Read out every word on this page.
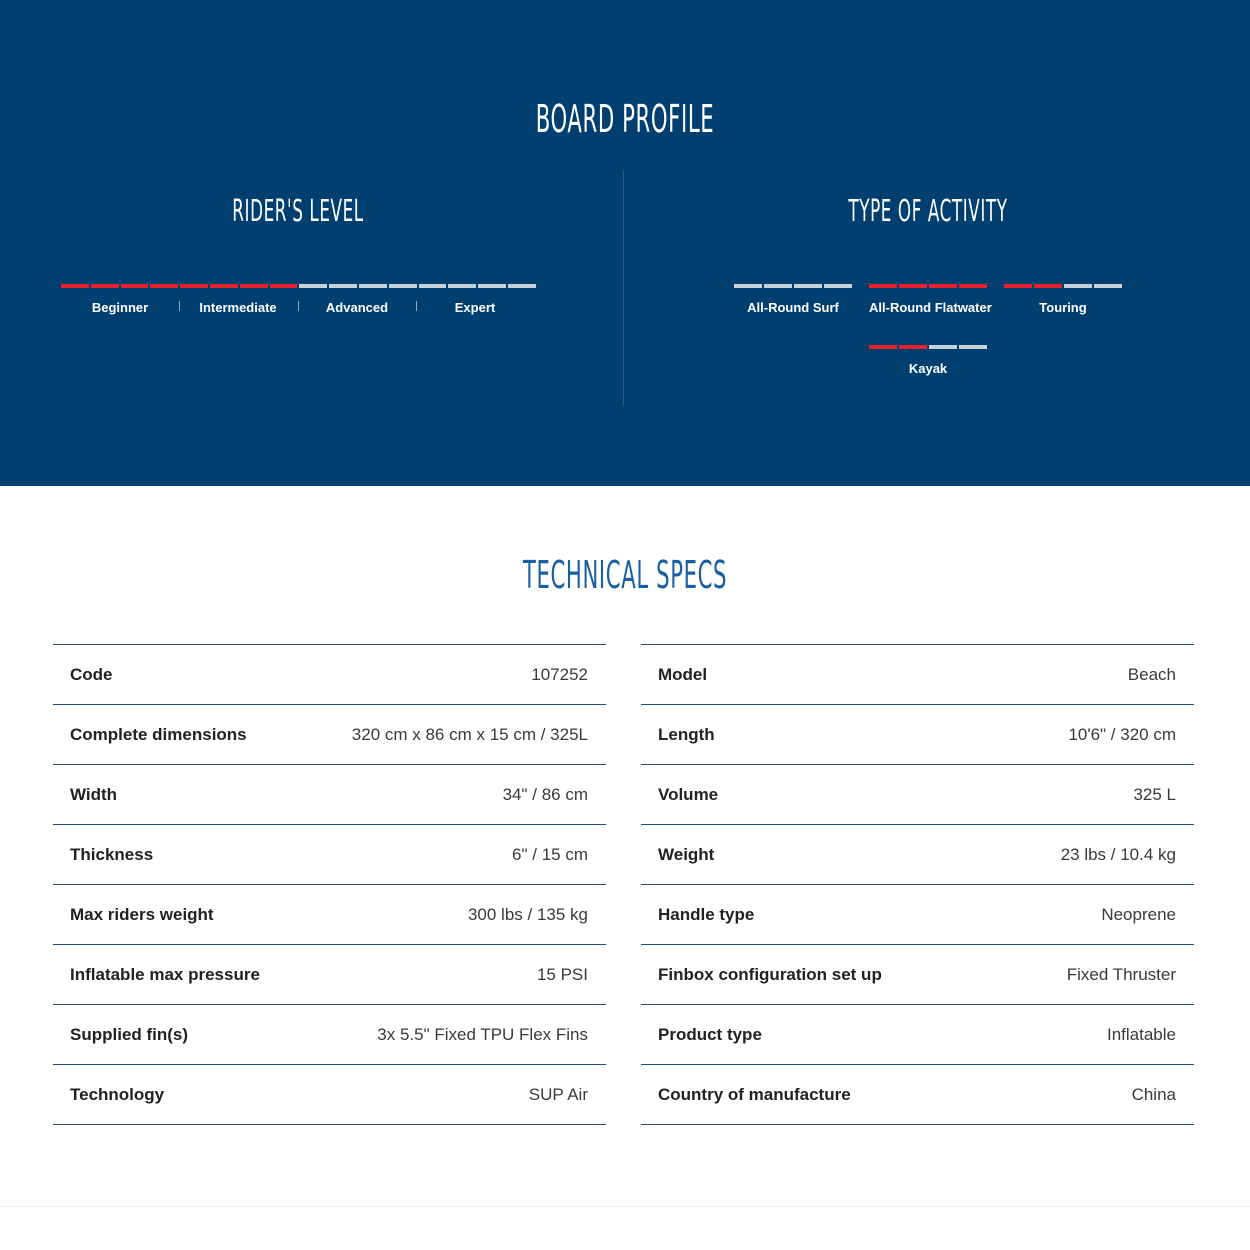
BOARD PROFILE
RIDER'S LEVEL	TYPE OF ACTIVITY
Beginner	Intermediate	Advanced	Expert	All-Round Surf	All-Round Flatwater	Touring
Kayak
TECHNICAL SPECS
Code	107252
Complete dimensions	320 cm x 86 cm x 15 cm / 325L
Width	34" / 86 cm
Thickness	6" / 15 cm
Max riders weight	300 lbs / 135 kg
Inflatable max pressure	15 PSI
Supplied fin(s)	3x 5.5" Fixed TPU Flex Fins
Technology	SUP Air
Model	Beach
Length	10'6" / 320 cm
Volume	325 L
Weight	23 lbs / 10.4 kg
Handle type	Neoprene
Finbox configuration set up	Fixed Thruster
Product type	Inflatable
Country of manufacture	China
